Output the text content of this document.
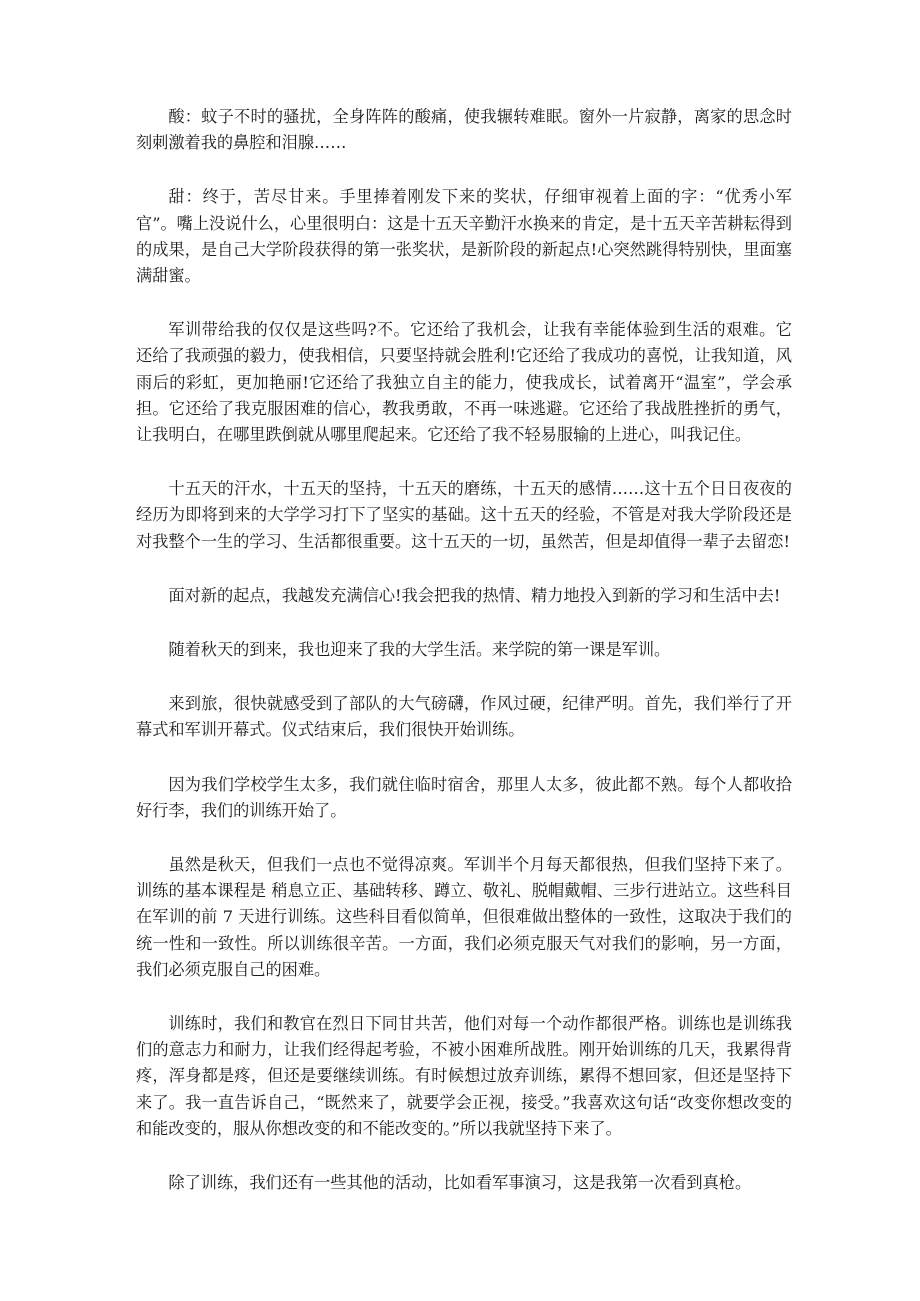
酸：蚊子不时的骚扰，全身阵阵的酸痛，使我辗转难眠。窗外一片寂静，离家的思念时刻刺激着我的鼻腔和泪腺……

甜：终于，苦尽甘来。手里捧着刚发下来的奖状，仔细审视着上面的字：“优秀小军官”。嘴上没说什么，心里很明白：这是十五天辛勤汗水换来的肯定，是十五天辛苦耕耘得到的成果，是自己大学阶段获得的第一张奖状，是新阶段的新起点!心突然跳得特别快，里面塞满甜蜜。

军训带给我的仅仅是这些吗?不。它还给了我机会，让我有幸能体验到生活的艰难。它还给了我顽强的毅力，使我相信，只要坚持就会胜利!它还给了我成功的喜悦，让我知道，风雨后的彩虹，更加艳丽!它还给了我独立自主的能力，使我成长，试着离开“温室”，学会承担。它还给了我克服困难的信心，教我勇敢，不再一味逃避。它还给了我战胜挫折的勇气，让我明白，在哪里跌倒就从哪里爬起来。它还给了我不轻易服输的上进心，叫我记住。

十五天的汗水，十五天的坚持，十五天的磨练，十五天的感情……这十五个日日夜夜的经历为即将到来的大学学习打下了坚实的基础。这十五天的经验，不管是对我大学阶段还是对我整个一生的学习、生活都很重要。这十五天的一切，虽然苦，但是却值得一辈子去留恋!

面对新的起点，我越发充满信心!我会把我的热情、精力地投入到新的学习和生活中去!

随着秋天的到来，我也迎来了我的大学生活。来学院的第一课是军训。

来到旅，很快就感受到了部队的大气磅礴，作风过硬，纪律严明。首先，我们举行了开幕式和军训开幕式。仪式结束后，我们很快开始训练。

因为我们学校学生太多，我们就住临时宿舍，那里人太多，彼此都不熟。每个人都收拾好行李，我们的训练开始了。

虽然是秋天，但我们一点也不觉得凉爽。军训半个月每天都很热，但我们坚持下来了。训练的基本课程是 稍息立正、基础转移、蹲立、敬礼、脱帽戴帽、三步行进站立。这些科目在军训的前 7 天进行训练。这些科目看似简单，但很难做出整体的一致性，这取决于我们的统一性和一致性。所以训练很辛苦。一方面，我们必须克服天气对我们的影响，另一方面，我们必须克服自己的困难。

训练时，我们和教官在烈日下同甘共苦，他们对每一个动作都很严格。训练也是训练我们的意志力和耐力，让我们经得起考验，不被小困难所战胜。刚开始训练的几天，我累得背疼，浑身都是疼，但还是要继续训练。有时候想过放弃训练，累得不想回家，但还是坚持下来了。我一直告诉自己，“既然来了，就要学会正视，接受。”我喜欢这句话“改变你想改变的和能改变的，服从你想改变的和不能改变的。”所以我就坚持下来了。

除了训练，我们还有一些其他的活动，比如看军事演习，这是我第一次看到真枪。
